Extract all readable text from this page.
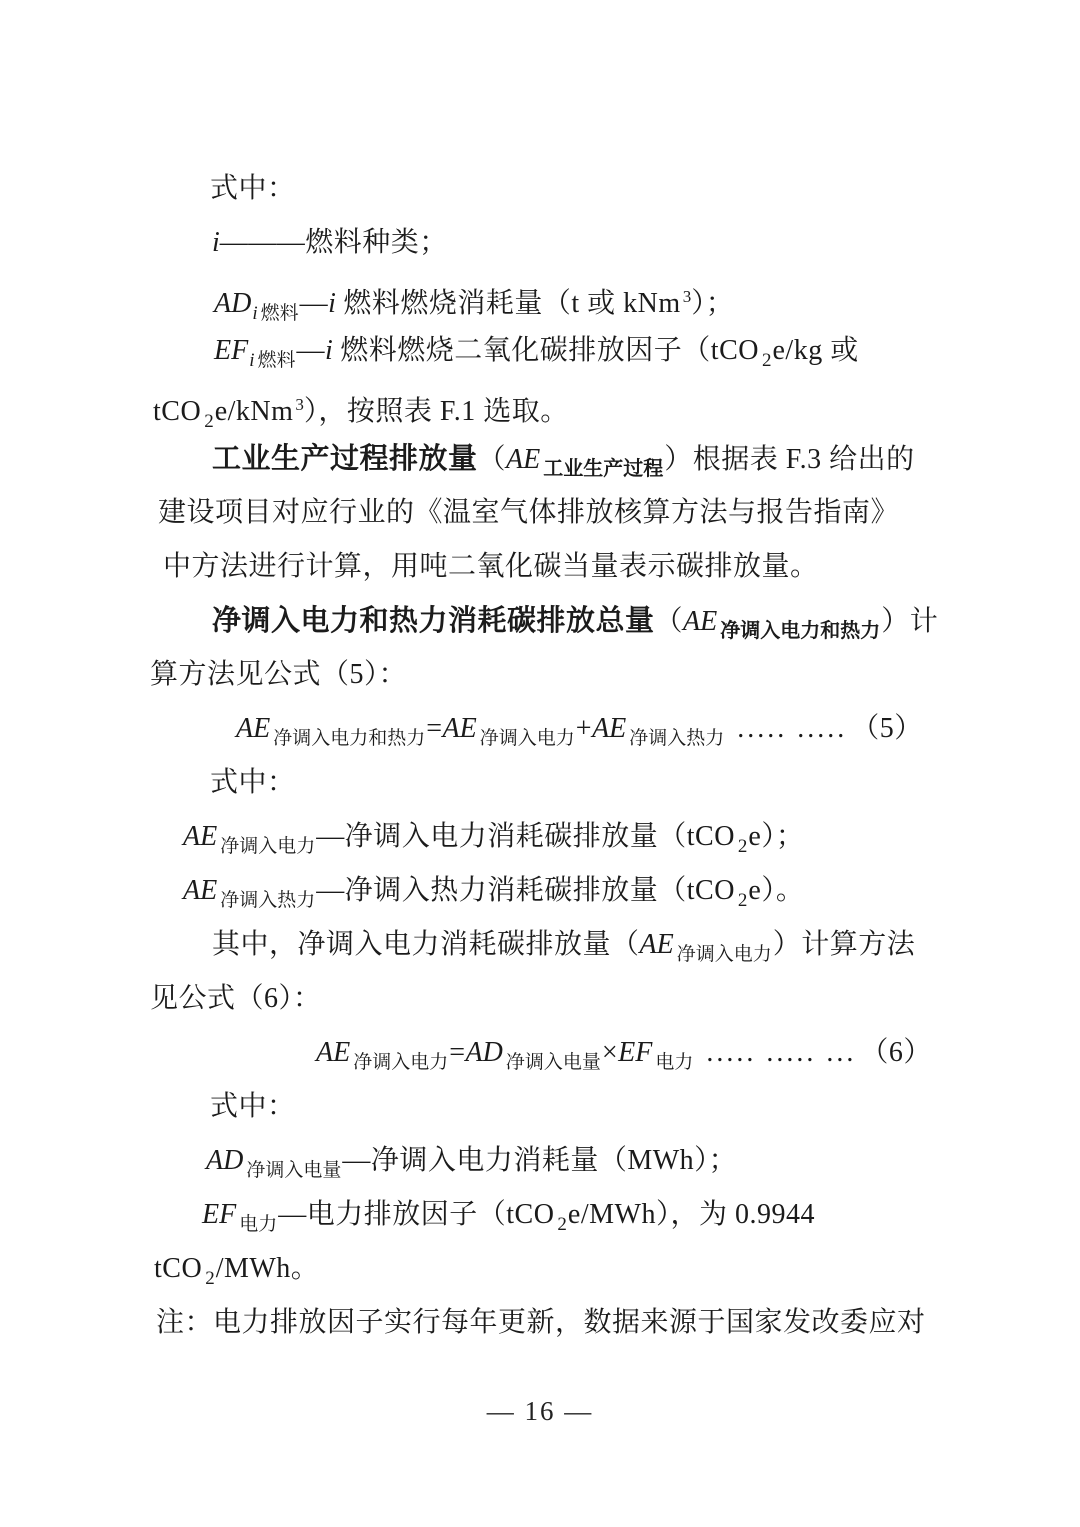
式中：
i———燃料种类；
$AD_i$ $_{燃料}$—i 燃料燃烧消耗量（t 或 kNm $^3$）；
$EF_i$ $_{燃料}$—i 燃料燃烧二氧化碳排放因子（tCO $_2$e/kg 或
tCO $_2$e/kNm $^3$），按照表 F.1 选取。
工业生产过程排放量（AE $_{工业生产过程}$）根据表 F.3 给出的
建设项目对应行业的《温室气体排放核算方法与报告指南》
中方法进行计算，用吨二氧化碳当量表示碳排放量。
净调入电力和热力消耗碳排放总量（AE $_{净调入电力和热力}$）计
算方法见公式（5）：
AE $_{净调入电力和热力}$=AE $_{净调入电力}$+AE $_{净调入热力}$ ..... ..... （5）
式中：
AE $_{净调入电力}$—净调入电力消耗碳排放量（tCO $_2$e）；
AE $_{净调入热力}$—净调入热力消耗碳排放量（tCO $_2$e）。
其中，净调入电力消耗碳排放量（AE $_{净调入电力}$）计算方法
见公式（6）：
AE $_{净调入电力}$=AD $_{净调入电量}$×EF $_{电力}$ ..... ..... ... （6）
式中：
AD $_{净调入电量}$—净调入电力消耗量（MWh）；
EF $_{电力}$—电力排放因子（tCO $_2$e/MWh），为 0.9944
tCO $_2$/MWh。
注：电力排放因子实行每年更新，数据来源于国家发改委应对
— 16 —
